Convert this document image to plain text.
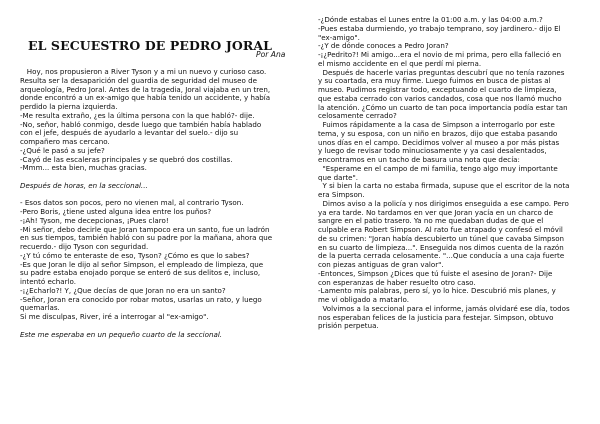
EL SECUESTRO DE PEDRO JORAL
Por Ana

Hoy, nos propusieron a River Tyson y a mi un nuevo y curioso caso.

Resulta ser la desaparición del guardia de seguridad del museo de

arqueología, Pedro Joral. Antes de la tragedia, Joral viajaba en un tren,

donde encontró a un ex-amigo que había tenido un accidente, y había

perdido la pierna izquierda.

-Me resulta extraño, ¿es la última persona con la que habló?- dije.

-No, señor, habló conmigo, desde luego que también había hablado

con el jefe, después de ayudarlo a levantar del suelo.- dijo su

compañero mas cercano.

-¿Qué le pasó a su jefe?

-Cayó de las escaleras principales y se quebró dos costillas.

-Mmm... esta bien, muchas gracias.

Después de horas, en la seccional...

- Esos datos son pocos, pero no vienen mal, al contrario Tyson.

-Pero Boris, ¿tiene usted alguna idea entre los puños?

-¡Ah! Tyson, me decepcionas, ¡Pues claro!

-Mi señor, debo decirle que Joran tampoco era un santo, fue un ladrón

en sus tiempos, también habló con su padre por la mañana, ahora que

recuerdo.- dijo Tyson con seguridad.

-¿Y tú cómo te enteraste de eso, Tyson? ¿Cómo es que lo sabes?

-Es que Joran le dijo al señor Simpson, el empleado de limpieza, que

su padre estaba enojado porque se enteró de sus delitos e, incluso,

intentó echarlo.

-¡¿Echarlo?! Y, ¿Que decías de que Joran no era un santo?

-Señor, Joran era conocido por robar motos, usarlas un rato, y luego

quemarlas.

Si me disculpas, River, iré a interrogar al "ex-amigo".

Este me esperaba en un pequeño cuarto de la seccional.

-¿Dónde estabas el Lunes entre la 01:00 a.m. y las 04:00 a.m.?

-Pues estaba durmiendo, yo trabajo temprano, soy jardinero.- dijo El

"ex-amigo".

-¿Y de dónde conoces a Pedro Joran?

-¡¿Pedrito?! Mi amigo...era el novio de mi prima, pero ella falleció en

el mismo accidente en el que perdí mi pierna.

Después de hacerle varias preguntas descubrí que no tenía razones

y su coartada, era muy firme. Luego fuimos en busca de pistas al

museo. Pudimos registrar todo, exceptuando el cuarto de limpieza,

que estaba cerrado con varios candados, cosa que nos llamó mucho

la atención. ¿Cómo un cuarto de tan poca importancia podía estar tan

celosamente cerrado?

Fuimos rápidamente a la casa de Simpson a interrogarlo por este

tema, y su esposa, con un niño en brazos, dijo que estaba pasando

unos días en el campo. Decidimos volver al museo a por más pistas

y luego de revisar todo minuciosamente y ya casi desalentados,

encontramos en un tacho de basura una nota que decía:

"Esperame en el campo de mi familia, tengo algo muy importante

que darte".

Y si bien la carta no estaba firmada, supuse que el escritor de la nota

era Simpson.

Dimos aviso a la policía y nos dirigimos enseguida a ese campo. Pero

ya era tarde. No tardamos en ver que Joran yacía en un charco de

sangre en el patio trasero. Ya no me quedaban dudas de que el

culpable era Robert Simpson. Al rato fue atrapado y confesó el móvil

de su crimen: "Joran había descubierto un túnel que cavaba Simpson

en su cuarto de limpieza...". Enseguida nos dimos cuenta de la razón

de la puerta cerrada celosamente. "...Que conducía a una caja fuerte

con piezas antiguas de gran valor".

-Entonces, Simpson ¿Dices que tú fuiste el asesino de Joran?- Dije

con esperanzas de haber resuelto otro caso.

-Lamento mis palabras, pero sí, yo lo hice. Descubrió mis planes, y

me vi obligado a matarlo.

Volvimos a la seccional para el informe, jamás olvidaré ese día, todos

nos esperaban felices de la justicia para festejar. Simpson, obtuvo

prisión perpetua.
